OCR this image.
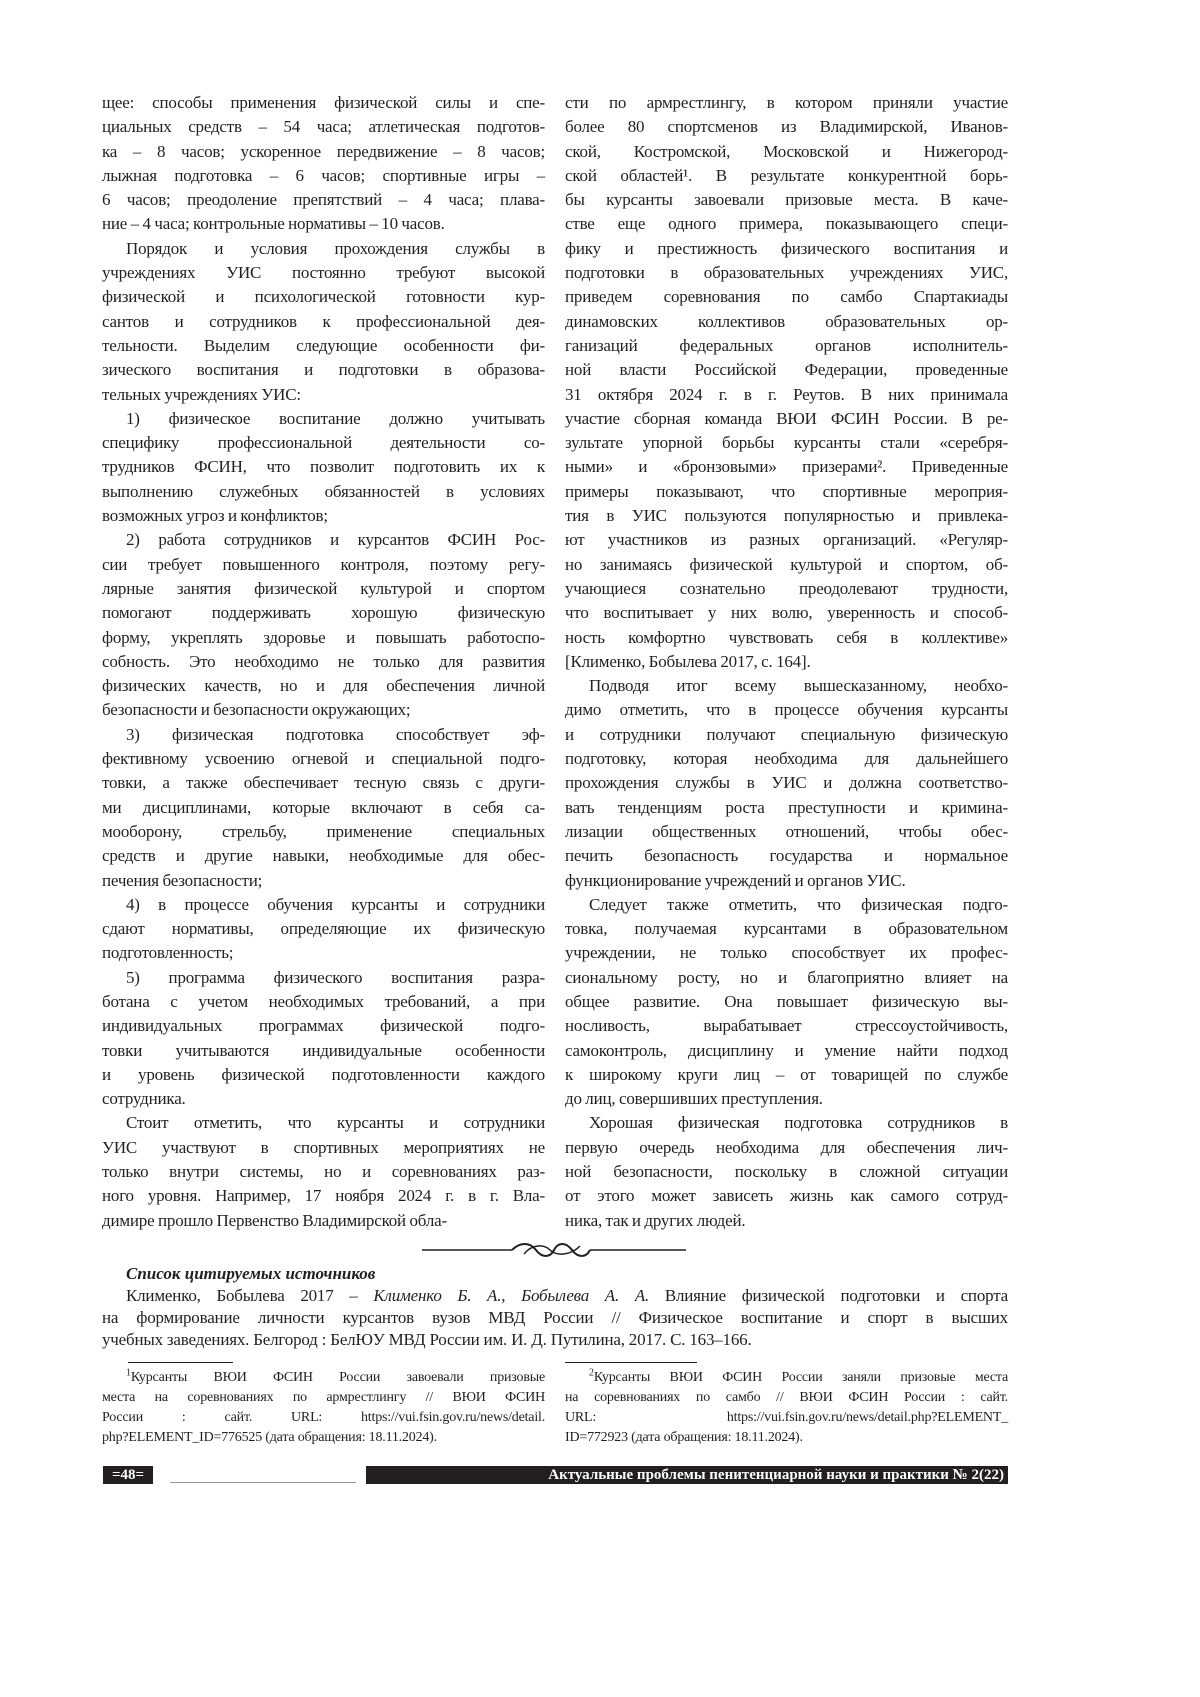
щее: способы применения физической силы и спе-
циальных средств – 54 часа; атлетическая подготов-
ка – 8 часов; ускоренное передвижение – 8 часов;
лыжная подготовка – 6 часов; спортивные игры –
6 часов; преодоление препятствий – 4 часа; плава-
ние – 4 часа; контрольные нормативы – 10 часов.
Порядок и условия прохождения службы в
учреждениях УИС постоянно требуют высокой
физической и психологической готовности кур-
сантов и сотрудников к профессиональной дея-
тельности. Выделим следующие особенности фи-
зического воспитания и подготовки в образова-
тельных учреждениях УИС:
1) физическое воспитание должно учитывать
специфику профессиональной деятельности со-
трудников ФСИН, что позволит подготовить их к
выполнению служебных обязанностей в условиях
возможных угроз и конфликтов;
2) работа сотрудников и курсантов ФСИН Рос-
сии требует повышенного контроля, поэтому регу-
лярные занятия физической культурой и спортом
помогают поддерживать хорошую физическую
форму, укреплять здоровье и повышать работоспо-
собность. Это необходимо не только для развития
физических качеств, но и для обеспечения личной
безопасности и безопасности окружающих;
3) физическая подготовка способствует эф-
фективному усвоению огневой и специальной подго-
товки, а также обеспечивает тесную связь с други-
ми дисциплинами, которые включают в себя са-
мооборону, стрельбу, применение специальных
средств и другие навыки, необходимые для обес-
печения безопасности;
4) в процессе обучения курсанты и сотрудники
сдают нормативы, определяющие их физическую
подготовленность;
5) программа физического воспитания разра-
ботана с учетом необходимых требований, а при
индивидуальных программах физической подго-
товки учитываются индивидуальные особенности
и уровень физической подготовленности каждого
сотрудника.
Стоит отметить, что курсанты и сотрудники
УИС участвуют в спортивных мероприятиях не
только внутри системы, но и соревнованиях раз-
ного уровня. Например, 17 ноября 2024 г. в г. Вла-
димире прошло Первенство Владимирской обла-
сти по армрестлингу, в котором приняли участие
более 80 спортсменов из Владимирской, Иванов-
ской, Костромской, Московской и Нижегород-
ской областей¹. В результате конкурентной борь-
бы курсанты завоевали призовые места. В каче-
стве еще одного примера, показывающего специ-
фику и престижность физического воспитания и
подготовки в образовательных учреждениях УИС,
приведем соревнования по самбо Спартакиады
динамовских коллективов образовательных ор-
ганизаций федеральных органов исполнитель-
ной власти Российской Федерации, проведенные
31 октября 2024 г. в г. Реутов. В них принимала
участие сборная команда ВЮИ ФСИН России. В ре-
зультате упорной борьбы курсанты стали «серебря-
ными» и «бронзовыми» призерами². Приведенные
примеры показывают, что спортивные мероприя-
тия в УИС пользуются популярностью и привлека-
ют участников из разных организаций. «Регуляр-
но занимаясь физической культурой и спортом, об-
учающиеся сознательно преодолевают трудности,
что воспитывает у них волю, уверенность и способ-
ность комфортно чувствовать себя в коллективе»
[Клименко, Бобылева 2017, с. 164].
Подводя итог всему вышесказанному, необхо-
димо отметить, что в процессе обучения курсанты
и сотрудники получают специальную физическую
подготовку, которая необходима для дальнейшего
прохождения службы в УИС и должна соответство-
вать тенденциям роста преступности и кримина-
лизации общественных отношений, чтобы обес-
печить безопасность государства и нормальное
функционирование учреждений и органов УИС.
Следует также отметить, что физическая подго-
товка, получаемая курсантами в образовательном
учреждении, не только способствует их профес-
сиональному росту, но и благоприятно влияет на
общее развитие. Она повышает физическую вы-
носливость, вырабатывает стрессоустойчивость,
самоконтроль, дисциплину и умение найти подход
к широкому круги лиц – от товарищей по службе
до лиц, совершивших преступления.
Хорошая физическая подготовка сотрудников в
первую очередь необходима для обеспечения лич-
ной безопасности, поскольку в сложной ситуации
от этого может зависеть жизнь как самого сотруд-
ника, так и других людей.
Список цитируемых источников
Клименко, Бобылева 2017 – Клименко Б. А., Бобылева А. А. Влияние физической подготовки и спорта
на формирование личности курсантов вузов МВД России // Физическое воспитание и спорт в высших
учебных заведениях. Белгород : БелЮУ МВД России им. И. Д. Путилина, 2017. С. 163–166.
1Курсанты ВЮИ ФСИН России завоевали призовые
места на соревнованиях по армрестлингу // ВЮИ ФСИН
России : сайт. URL: https://vui.fsin.gov.ru/news/detail.
php?ELEMENT_ID=776525 (дата обращения: 18.11.2024).
2Курсанты ВЮИ ФСИН России заняли призовые места
на соревнованиях по самбо // ВЮИ ФСИН России : сайт.
URL: https://vui.fsin.gov.ru/news/detail.php?ELEMENT_
ID=772923 (дата обращения: 18.11.2024).
=48=	Актуальные проблемы пенитенциарной науки и практики № 2(22)
